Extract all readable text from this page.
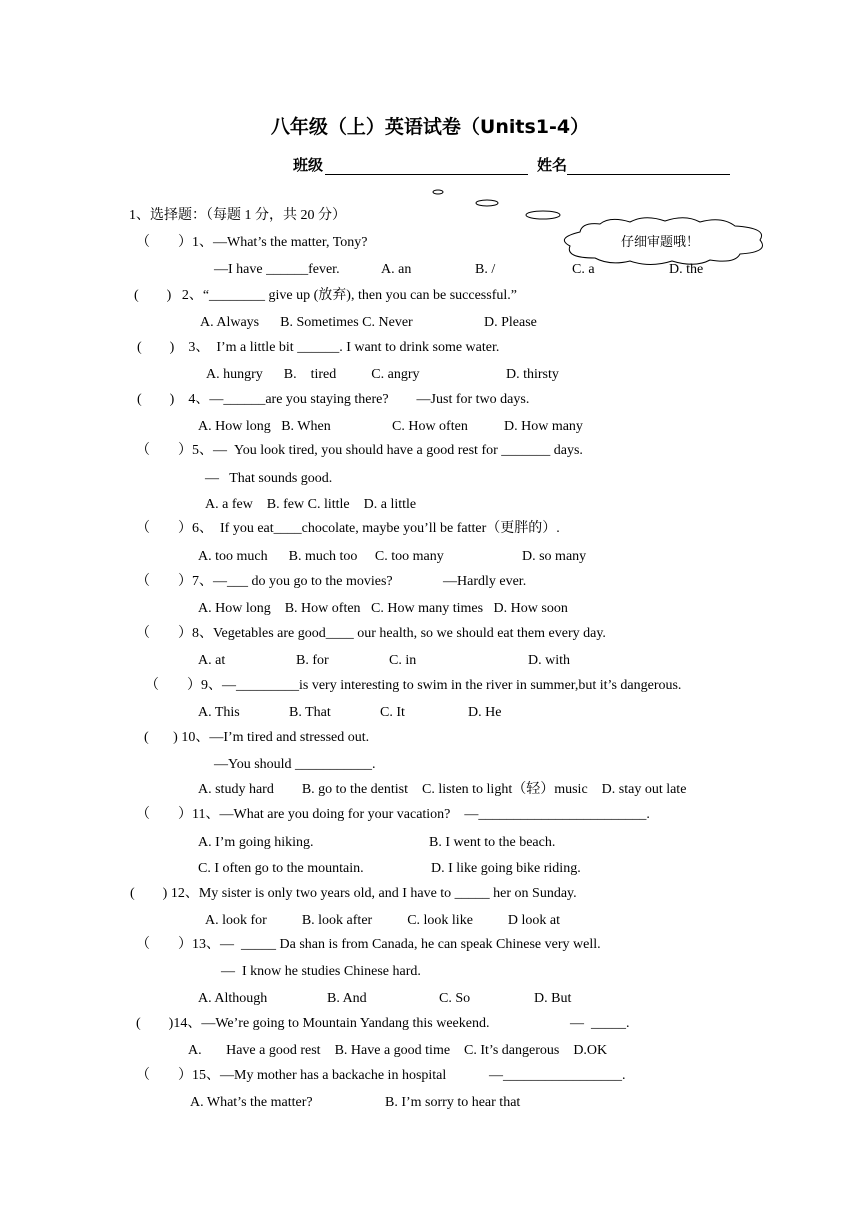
八年级（上）英语试卷（Units1-4）
班级	姓名
仔细审题哦！
1、选择题：（每题 1 分，共 20 分）
（        ）1、—What’s the matter, Tony?
—I have ______fever.	A. an	B. /	C. a	D. the
(        )   2、“________ give up (放弃), then you can be successful.”
A. Always      B. Sometimes C. Never	D. Please
(        )    3、  I’m a little bit ______. I want to drink some water.
A. hungry      B.    tired          C. angry	D. thirsty
(        )    4、—______are you staying there?        —Just for two days.
A. How long   B. When	C. How often	D. How many
（        ）5、—  You look tired, you should have a good rest for _______ days.
—   That sounds good.
A. a few    B. few C. little    D. a little
（        ）6、  If you eat____chocolate, maybe you’ll be fatter（更胖的）.
A. too much      B. much too     C. too many	D. so many
（        ）7、—___ do you go to the movies?	—Hardly ever.
A. How long    B. How often   C. How many times   D. How soon
（        ）8、Vegetables are good____ our health, so we should eat them every day.
A. at	B. for	C. in	D. with
（        ）9、—_________is very interesting to swim in the river in summer,but it’s dangerous.
A. This	B. That	C. It	D. He
(       ) 10、—I’m tired and stressed out.
—You should ___________.
A. study hard        B. go to the dentist    C. listen to light（轻）music    D. stay out late
（        ）11、—What are you doing for your vacation?    —________________________.
A. I’m going hiking.	B. I went to the beach.
C. I often go to the mountain.	D. I like going bike riding.
(        ) 12、My sister is only two years old, and I have to _____ her on Sunday.
A. look for          B. look after          C. look like          D look at
（        ）13、—  _____ Da shan is from Canada, he can speak Chinese very well.
—  I know he studies Chinese hard.
A. Although	B. And	C. So	D. But
(        )14、—We’re going to Mountain Yandang this weekend.	—  _____.
A.       Have a good rest    B. Have a good time    C. It’s dangerous    D.OK
（        ）15、—My mother has a backache in hospital	—_________________.
A. What’s the matter?	B. I’m sorry to hear that
